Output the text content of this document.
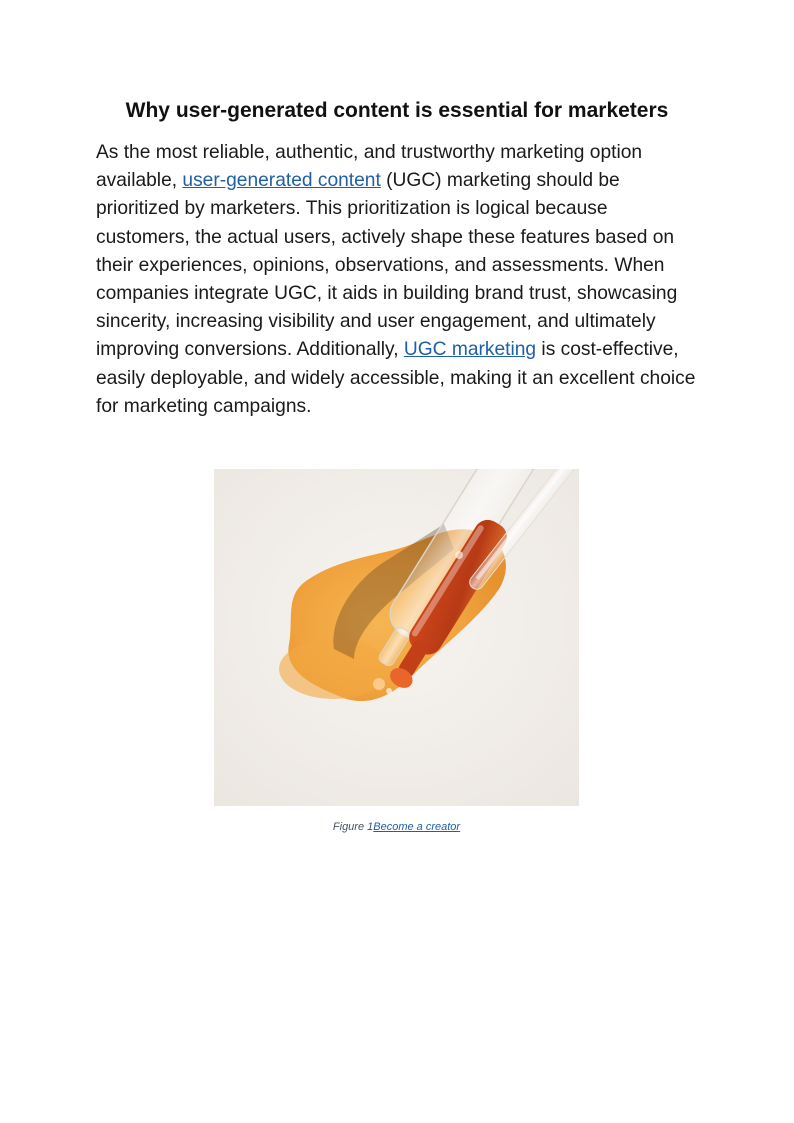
Why user-generated content is essential for marketers

As the most reliable, authentic, and trustworthy marketing option available, user-generated content (UGC) marketing should be prioritized by marketers. This prioritization is logical because customers, the actual users, actively shape these features based on their experiences, opinions, observations, and assessments. When companies integrate UGC, it aids in building brand trust, showcasing sincerity, increasing visibility and user engagement, and ultimately improving conversions. Additionally, UGC marketing is cost-effective, easily deployable, and widely accessible, making it an excellent choice for marketing campaigns.

Figure 1Become a creator
